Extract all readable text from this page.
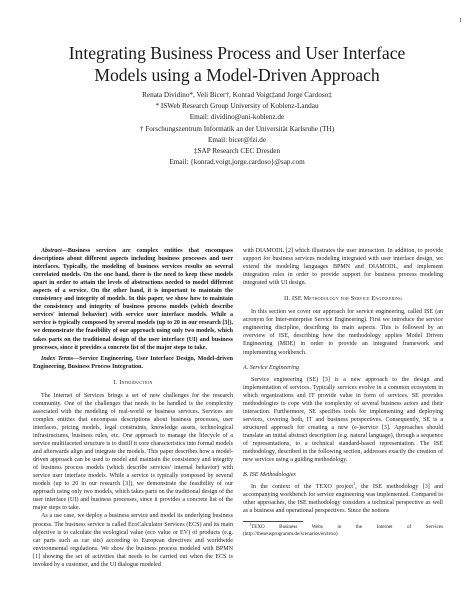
1
Integrating Business Process and User Interface
Models using a Model-Driven Approach
Renata Dividino*, Veli Bicer†, Konrad Voigt‡and Jorge Cardoso‡
* ISWeb Research Group University of Koblenz-Landau
Email: dividino@uni-koblenz.de
† Forschungszentrum Informatik an der Universität Karlsruhe (TH)
Email: bicer@fzi.de
‡SAP Research CEC Dresden
Email: {konrad.voigt,jorge.cardoso}@sap.com

Abstract—Business services are complex entities that encompass descriptions about different aspects including business processes and user interfaces. Typically, the modeling of business services results on several correlated models. On the one hand, there is the need to keep these models apart in order to attain the levels of abstractions needed to model different aspects of a service. On the other hand, it is important to maintain the consistency and integrity of models. In this paper, we show how to maintain the consistency and integrity of business process models (which describe services' internal behavior) with service user interface models. While a service is typically composed by several models (up to 20 in our research [3]), we demonstrate the feasibility of our approach using only two models, which takes parts on the traditional design of the user interface (UI) and business processes, since it provides a concrete list of the major steps to take.

Index Terms—Service Engineering, User Interface Design, Model-driven Engineering, Business Process Integration.

I. Introduction

The Internet of Services brings a set of new challenges for the research community. One of the challenges that needs to be handled is the complexity associated with the modeling of real-world or business services. Services are complex entities that encompass descriptions about business processes, user interfaces, pricing models, legal constraints, knowledge assets, technological infrastructures, business rules, etc. One approach to manage the lifecycle of a service multifaceted structure is to distill it core characteristics into formal models and afterwards align and integrate the models. This paper describes how a model-driven approach can be used to model and maintain the consistency and integrity of business process models (which describe services' internal behavior) with service user interface models. While a service is typically composed by several models (up to 20 in our research [3]), we demonstrate the feasibility of our approach using only two models, which takes parts on the traditional design of the user interface (UI) and business processes, since it provides a concrete list of the major steps to take.

As a use case, we deploy a business service and model its underlying business process. The business service is called EcoCalculator Services (ECS) and its main objective is to calculate the ecological value (eco value or EV) of products (e.g. car parts such as car sits) according to European directives and worldwide environmental regulations. We show the business process modeled with BPMN [1] showing the set of activities that needs to be carried out when the ECS is invoked by a customer, and the UI dialogue modeled

with DIAMODL [2] which illustrates the user interaction. In addition, to provide support for business services modeling integrated with user interface design, we extend the modeling languages BPMN and DIAMODL, and implement integration rules in order to provide support for business process modeling integrated with UI design.

II. ISE Methodology for Service Engineering

In this section we cover our approach for service engineering, called ISE (an acronym for Inter-enterprise Service Engineering). First we introduce the service engineering discipline, describing its main aspects. This is followed by an overview of ISE, describing how the methodology applies Model Driven Engineering (MDE) in order to provide an integrated framework and implementing workbench.

A. Service Engineering

Service engineering (SE) [3] is a new approach to the design and implementation of services. Typically services evolve in a common ecosystem in which organizations and IT provide value in form of services. SE provides methodologies to cope with the complexity of several business actors and their interaction. Furthermore, SE specifies tools for implementing and deploying services, covering both, IT and business perspectives. Consequently, SE is a structured approach for creating a new (e-)service [3]. Approaches should translate an initial abstract description (e.g. natural language), through a sequence of representations, to a technical standard-based representation. The ISE methodology, described in the following section, addresses exactly the creation of new services using a guiding methodology.

B. ISE Methodologies

In the context of the TEXO project$^1$, the ISE methodology [3] and accompanying workbench for service engineering was implemented. Compared to other approaches, the ISE methodology considers a technical perspective as well as a business and operational perspectives. Since the notions

$^1$TEXO Business Webs in the Internet of Services (http://theseusprogramm.de/scenarios/en/texo)
